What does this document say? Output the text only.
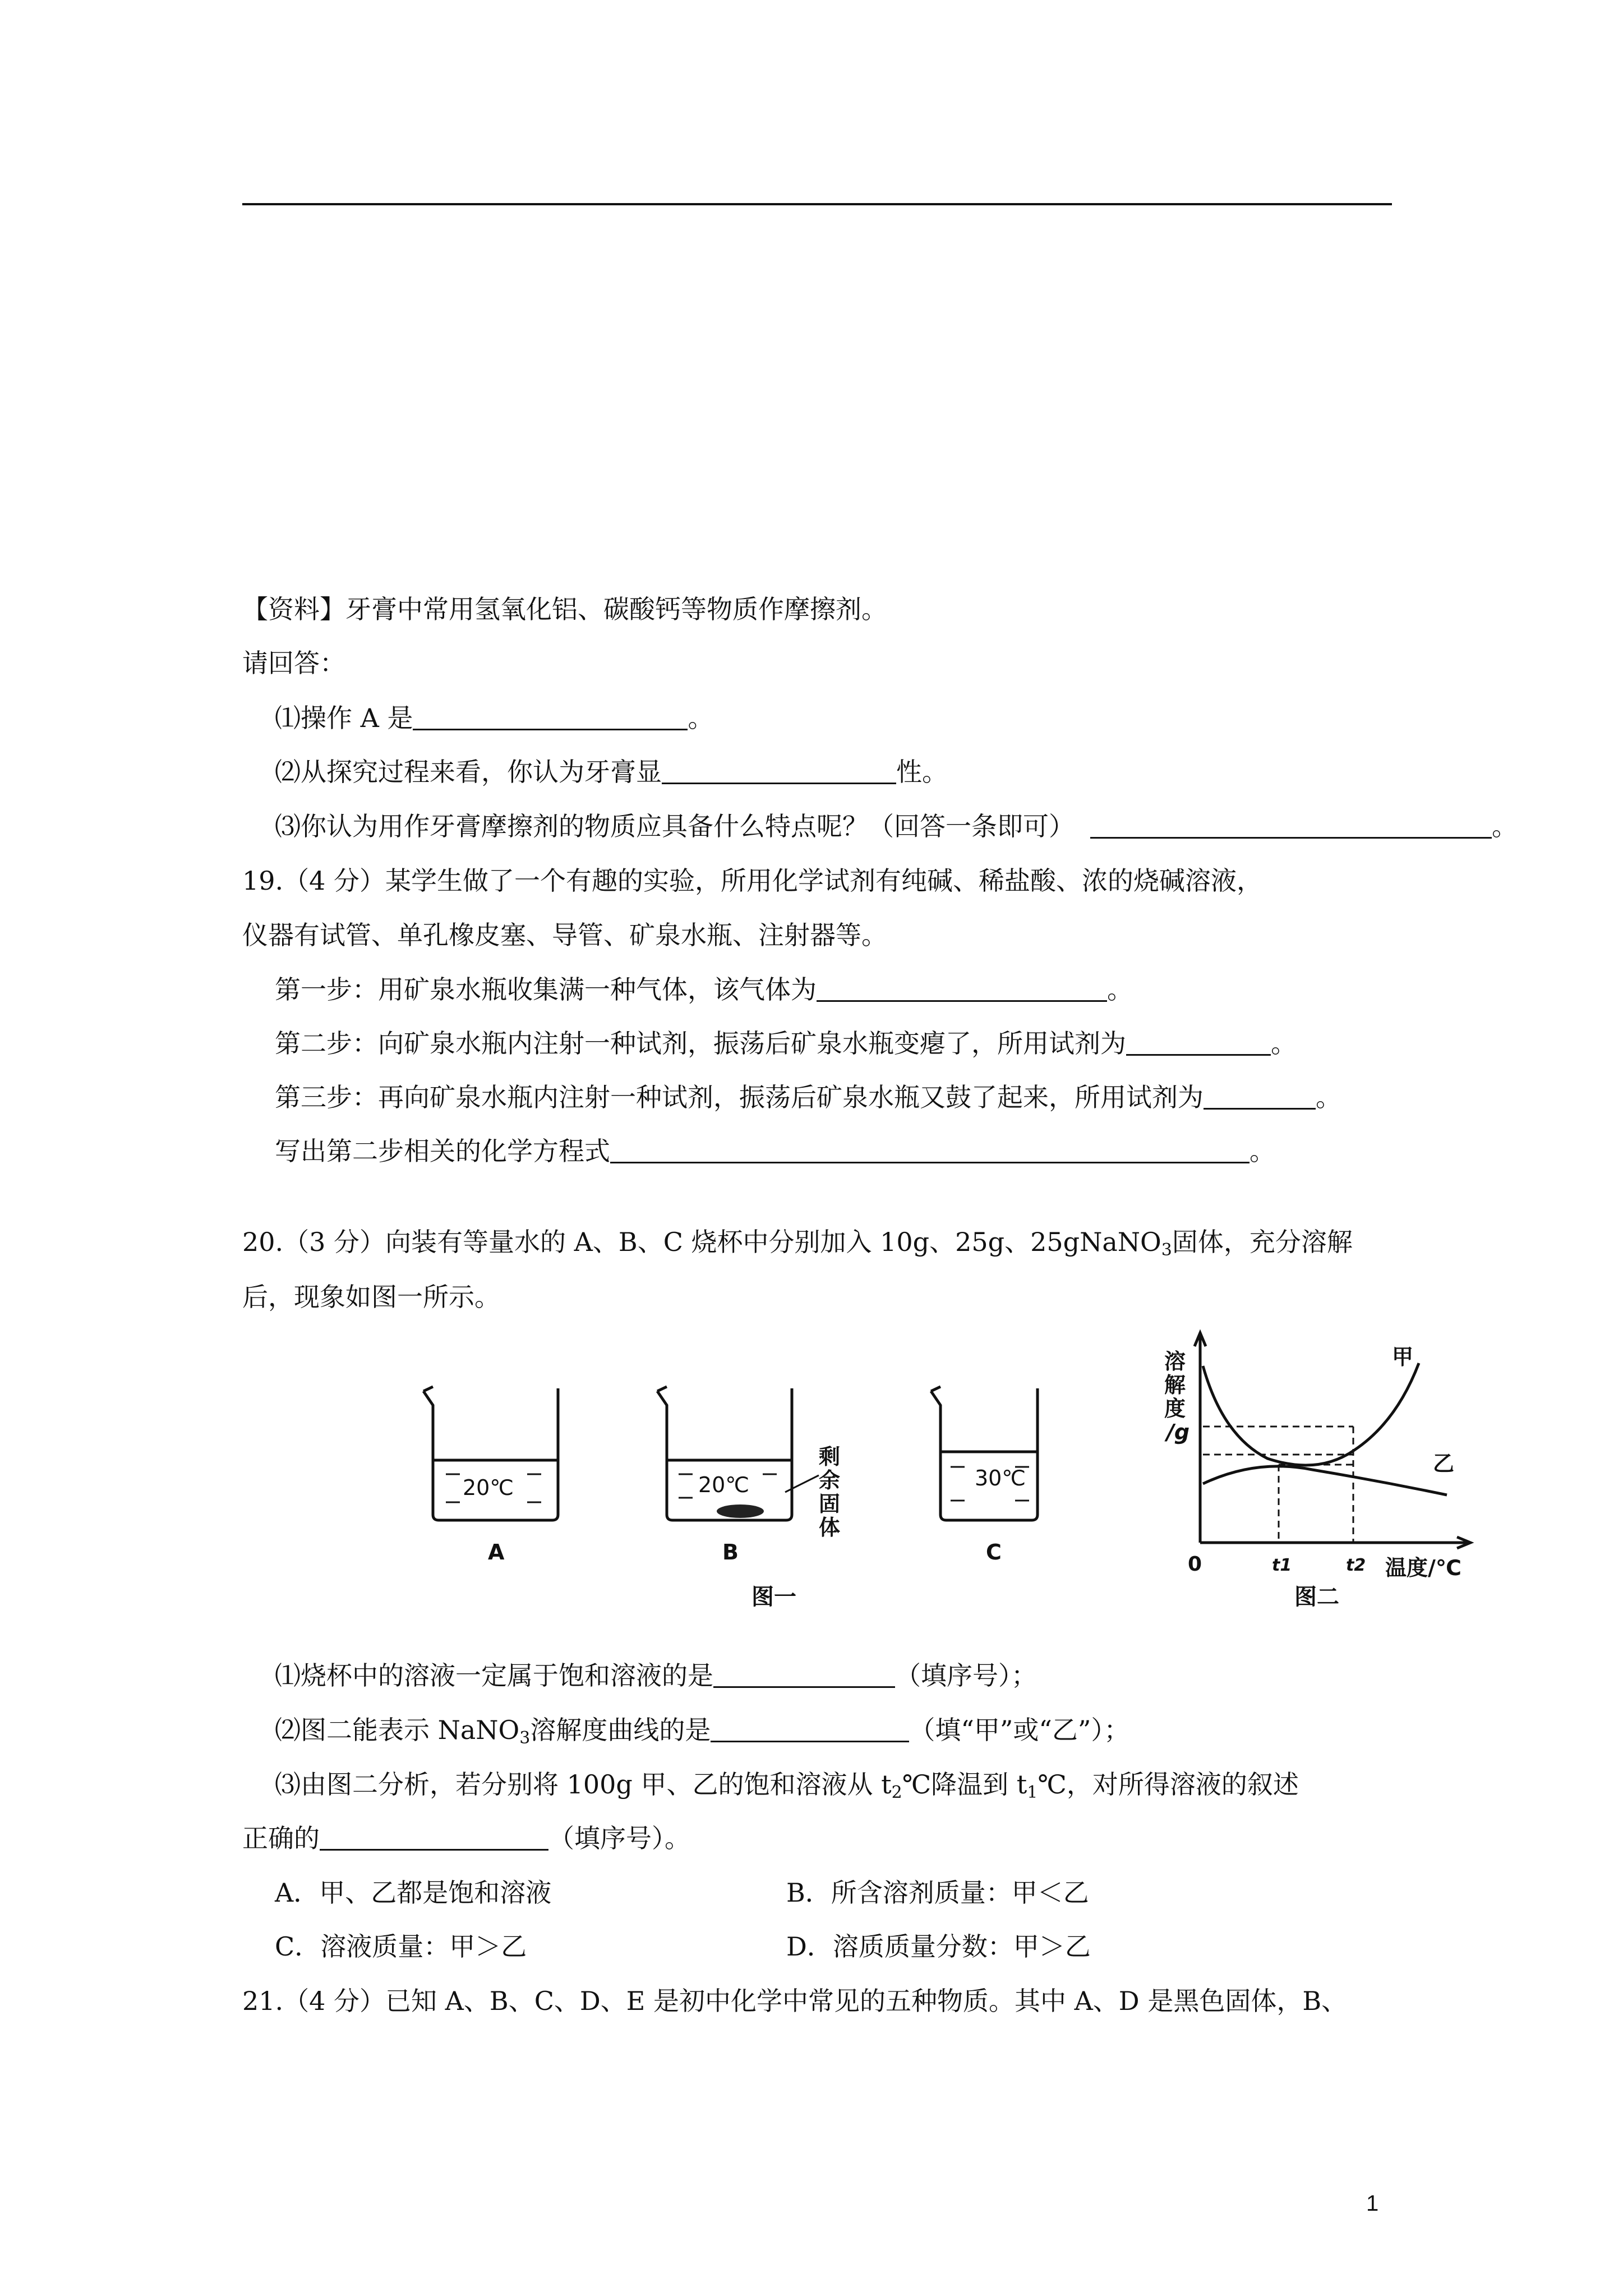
【资料】牙膏中常用氢氧化铝、碳酸钙等物质作摩擦剂。
请回答：
⑴操作 A 是	。
⑵从探究过程来看，你认为牙膏显	性。
⑶你认为用作牙膏摩擦剂的物质应具备什么特点呢？（回答一条即可）	。
19.（4 分）某学生做了一个有趣的实验，所用化学试剂有纯碱、稀盐酸、浓的烧碱溶液，
仪器有试管、单孔橡皮塞、导管、矿泉水瓶、注射器等。
第一步：用矿泉水瓶收集满一种气体，该气体为	。
第二步：向矿泉水瓶内注射一种试剂，振荡后矿泉水瓶变瘪了，所用试剂为	。
第三步：再向矿泉水瓶内注射一种试剂，振荡后矿泉水瓶又鼓了起来，所用试剂为	。
写出第二步相关的化学方程式	。
20.（3 分）向装有等量水的 A、B、C 烧杯中分别加入 10g、25g、25gNaNO$_3$固体，充分溶解
后，现象如图一所示。
20℃
A
20℃
B
剩
余
固
体
30℃
C
图一
溶
解
度
/g
甲
乙
0	t1	t2 温度/℃
图二
⑴烧杯中的溶液一定属于饱和溶液的是	（填序号）；
⑵图二能表示 NaNO$_3$溶解度曲线的是	（填“甲”或“乙”）；
⑶由图二分析，若分别将 100g 甲、乙的饱和溶液从 $t_2℃$降温到 $t_1℃$，对所得溶液的叙述
正确的	（填序号）。
A．甲、乙都是饱和溶液	B．所含溶剂质量：甲＜乙
C．溶液质量：甲＞乙	D．溶质质量分数：甲＞乙
21.（4 分）已知 A、B、C、D、E 是初中化学中常见的五种物质。其中 A、D 是黑色固体，B、
1
